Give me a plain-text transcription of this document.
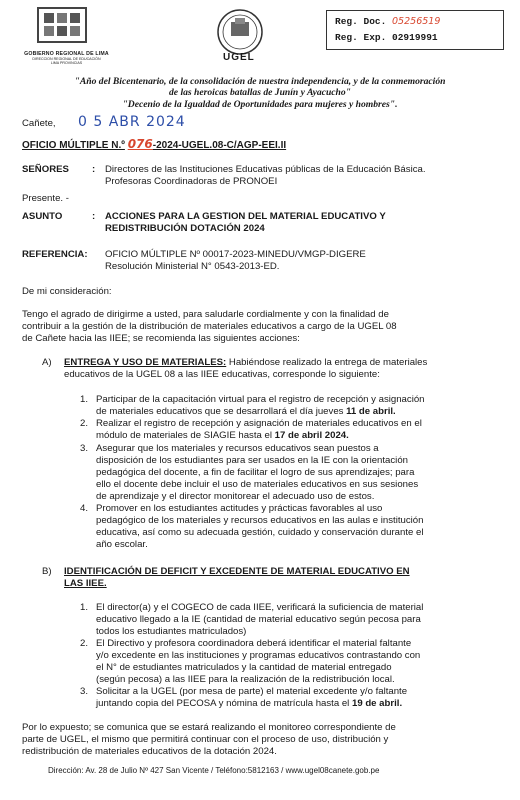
GOBIERNO REGIONAL DE LIMA
DIRECCION REGIONAL DE EDUCACIÓN
LIMA PROVINCIAS
UGEL
Reg. Doc. 05256519
Reg. Exp. 02919991
"Año del Bicentenario, de la consolidación de nuestra independencia, y de la conmemoración
de las heroicas batallas de Junín y Ayacucho"
"Decenio de la Igualdad de Oportunidades para mujeres y hombres".
Cañete, 0 5 ABR 2024
OFICIO MÚLTIPLE N.º 076-2024-UGEL.08-C/AGP-EEI.II
SEÑORES : Directores de las Instituciones Educativas públicas de la Educación Básica.
Profesoras Coordinadoras de PRONOEI
Presente. -
ASUNTO	: ACCIONES PARA LA GESTION DEL MATERIAL EDUCATIVO Y
REDISTRIBUCIÓN DOTACIÓN 2024
REFERENCIA: OFICIO MÚLTIPLE Nº 00017-2023-MINEDU/VMGP-DIGERE
Resolución Ministerial N° 0543-2013-ED.
De mi consideración:
Tengo el agrado de dirigirme a usted, para saludarle cordialmente y con la finalidad de
contribuir a la gestión de la distribución de materiales educativos a cargo de la UGEL 08
de Cañete hacia las IIEE; se recomienda las siguientes acciones:
A) ENTREGA Y USO DE MATERIALES: Habiéndose realizado la entrega de materiales
educativos de la UGEL 08 a las IIEE educativas, corresponde lo siguiente:
1. Participar de la capacitación virtual para el registro de recepción y asignación
de materiales educativos que se desarrollará el día jueves 11 de abril.
2. Realizar el registro de recepción y asignación de materiales educativos en el
módulo de materiales de SIAGIE hasta el 17 de abril 2024.
3. Asegurar que los materiales y recursos educativos sean puestos a
disposición de los estudiantes para ser usados en la IE con la orientación
pedagógica del docente, a fin de facilitar el logro de sus aprendizajes; para
ello el docente debe incluir el uso de materiales educativos en sus sesiones
de aprendizaje y el director monitorear el adecuado uso de estos.
4. Promover en los estudiantes actitudes y prácticas favorables al uso
pedagógico de los materiales y recursos educativos en las aulas e institución
educativa, así como su adecuada gestión, cuidado y conservación durante el
año escolar.
B) IDENTIFICACIÓN DE DEFICIT Y EXCEDENTE DE MATERIAL EDUCATIVO EN
LAS IIEE.
1. El director(a) y el COGECO de cada IIEE, verificará la suficiencia de material
educativo llegado a la IE (cantidad de material educativo según pecosa para
todos los estudiantes matriculados)
2. El Directivo y profesora coordinadora deberá identificar el material faltante
y/o excedente en las instituciones y programas educativos contrastando con
el N° de estudiantes matriculados y la cantidad de material entregado
(según pecosa) a las IIEE para la realización de la redistribución local.
3. Solicitar a la UGEL (por mesa de parte) el material excedente y/o faltante
juntando copia del PECOSA y nómina de matrícula hasta el 19 de abril.
Por lo expuesto; se comunica que se estará realizando el monitoreo correspondiente de
parte de UGEL, el mismo que permitirá continuar con el proceso de uso, distribución y
redistribución de materiales educativos de la dotación 2024.
Dirección: Av. 28 de Julio Nº 427 San Vicente / Teléfono:5812163 / www.ugel08canete.gob.pe
